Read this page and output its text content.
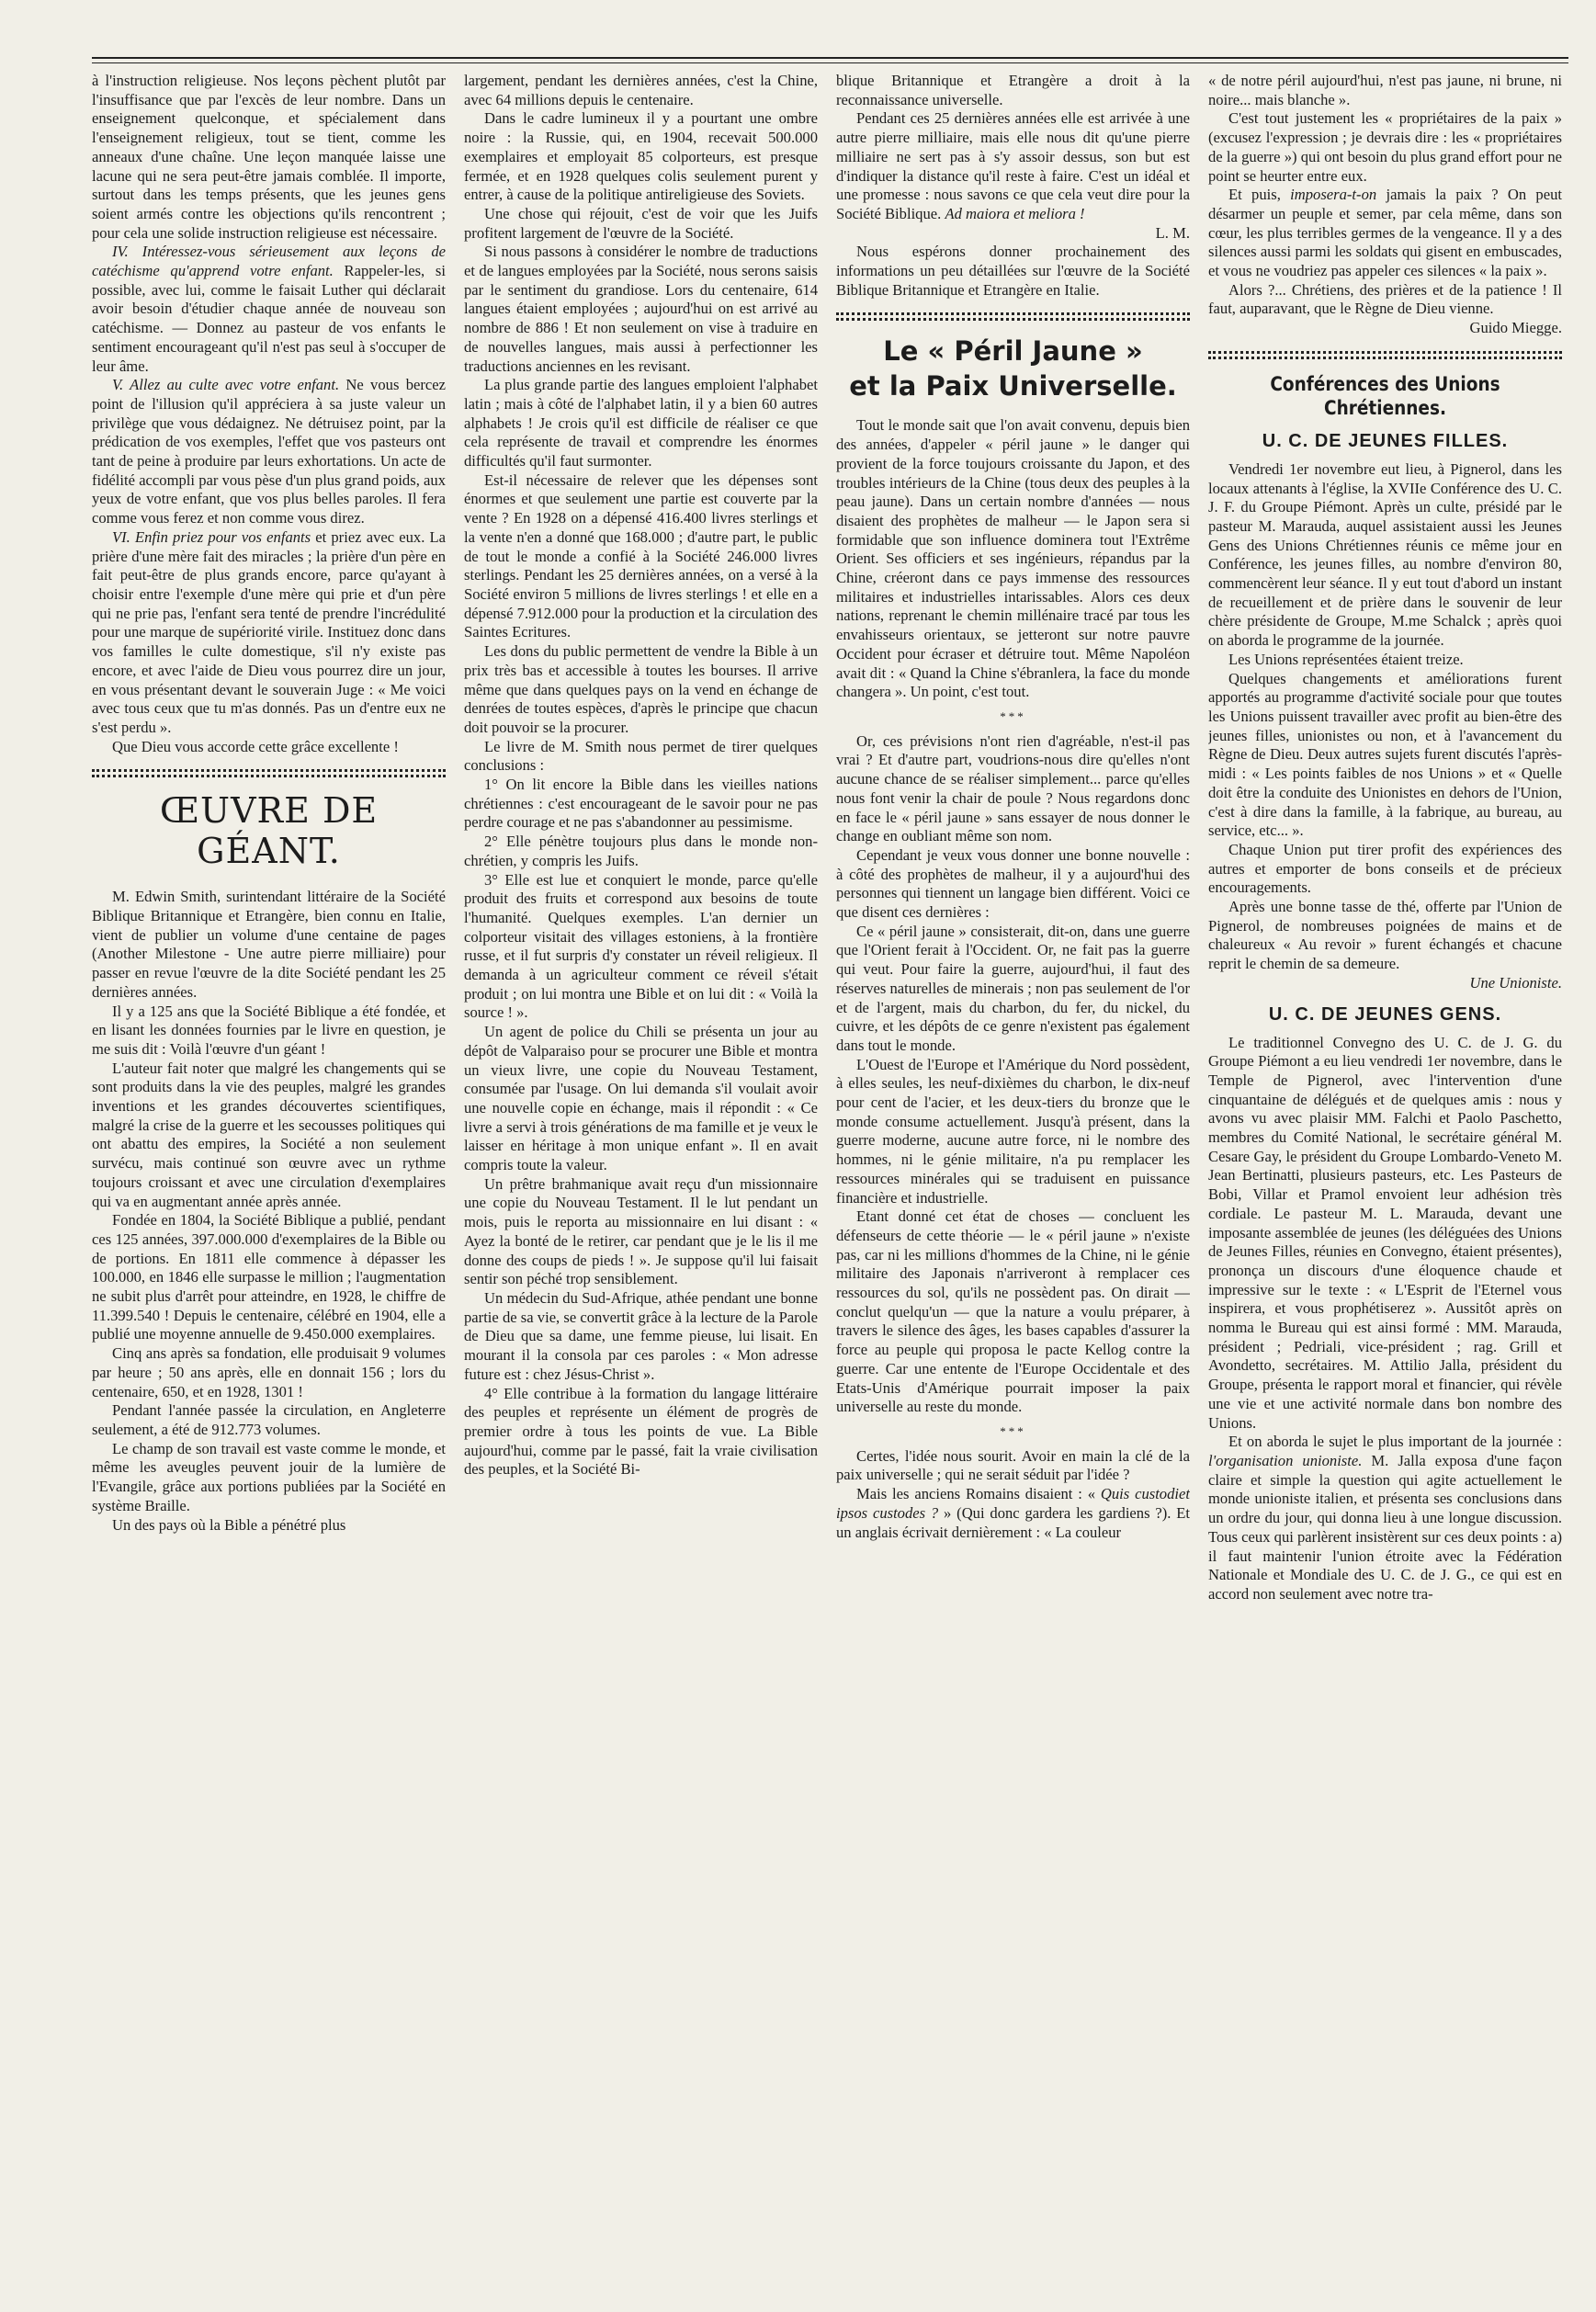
à l'instruction religieuse. Nos leçons pèchent plutôt par l'insuffisance que par l'excès de leur nombre. Dans un enseignement quelconque, et spécialement dans l'enseignement religieux, tout se tient, comme les anneaux d'une chaîne. Une leçon manquée laisse une lacune qui ne sera peut-être jamais comblée. Il importe, surtout dans les temps présents, que les jeunes gens soient armés contre les objections qu'ils rencontrent ; pour cela une solide instruction religieuse est nécessaire.

IV. Intéressez-vous sérieusement aux leçons de catéchisme qu'apprend votre enfant. Rappeler-les, si possible, avec lui, comme le faisait Luther qui déclarait avoir besoin d'étudier chaque année de nouveau son catéchisme. — Donnez au pasteur de vos enfants le sentiment encourageant qu'il n'est pas seul à s'occuper de leur âme.

V. Allez au culte avec votre enfant. Ne vous bercez point de l'illusion qu'il appréciera à sa juste valeur un privilège que vous dédaignez. Ne détruisez point, par la prédication de vos exemples, l'effet que vos pasteurs ont tant de peine à produire par leurs exhortations. Un acte de fidélité accompli par vous pèse d'un plus grand poids, aux yeux de votre enfant, que vos plus belles paroles. Il fera comme vous ferez et non comme vous direz.

VI. Enfin priez pour vos enfants et priez avec eux. La prière d'une mère fait des miracles ; la prière d'un père en fait peut-être de plus grands encore, parce qu'ayant à choisir entre l'exemple d'une mère qui prie et d'un père qui ne prie pas, l'enfant sera tenté de prendre l'incrédulité pour une marque de supériorité virile. Instituez donc dans vos familles le culte domestique, s'il n'y existe pas encore, et avec l'aide de Dieu vous pourrez dire un jour, en vous présentant devant le souverain Juge : « Me voici avec tous ceux que tu m'as donnés. Pas un d'entre eux ne s'est perdu ».

Que Dieu vous accorde cette grâce excellente !

ŒUVRE DE GÉANT.

M. Edwin Smith, surintendant littéraire de la Société Biblique Britannique et Etrangère, bien connu en Italie, vient de publier un volume d'une centaine de pages (Another Milestone - Une autre pierre milliaire) pour passer en revue l'œuvre de la dite Société pendant les 25 dernières années.

Il y a 125 ans que la Société Biblique a été fondée, et en lisant les données fournies par le livre en question, je me suis dit : Voilà l'œuvre d'un géant !

L'auteur fait noter que malgré les changements qui se sont produits dans la vie des peuples, malgré les grandes inventions et les grandes découvertes scientifiques, malgré la crise de la guerre et les secousses politiques qui ont abattu des empires, la Société a non seulement survécu, mais continué son œuvre avec un rythme toujours croissant et avec une circulation d'exemplaires qui va en augmentant année après année.

Fondée en 1804, la Société Biblique a publié, pendant ces 125 années, 397.000.000 d'exemplaires de la Bible ou de portions. En 1811 elle commence à dépasser les 100.000, en 1846 elle surpasse le million ; l'augmentation ne subit plus d'arrêt pour atteindre, en 1928, le chiffre de 11.399.540 ! Depuis le centenaire, célébré en 1904, elle a publié une moyenne annuelle de 9.450.000 exemplaires.

Cinq ans après sa fondation, elle produisait 9 volumes par heure ; 50 ans après, elle en donnait 156 ; lors du centenaire, 650, et en 1928, 1301 !

Pendant l'année passée la circulation, en Angleterre seulement, a été de 912.773 volumes.

Le champ de son travail est vaste comme le monde, et même les aveugles peuvent jouir de la lumière de l'Evangile, grâce aux portions publiées par la Société en système Braille.

Un des pays où la Bible a pénétré plus

largement, pendant les dernières années, c'est la Chine, avec 64 millions depuis le centenaire.

Dans le cadre lumineux il y a pourtant une ombre noire : la Russie, qui, en 1904, recevait 500.000 exemplaires et employait 85 colporteurs, est presque fermée, et en 1928 quelques colis seulement purent y entrer, à cause de la politique antireligieuse des Soviets.

Une chose qui réjouit, c'est de voir que les Juifs profitent largement de l'œuvre de la Société.

Si nous passons à considérer le nombre de traductions et de langues employées par la Société, nous serons saisis par le sentiment du grandiose. Lors du centenaire, 614 langues étaient employées ; aujourd'hui on est arrivé au nombre de 886 ! Et non seulement on vise à traduire en de nouvelles langues, mais aussi à perfectionner les traductions anciennes en les revisant.

La plus grande partie des langues emploient l'alphabet latin ; mais à côté de l'alphabet latin, il y a bien 60 autres alphabets ! Je crois qu'il est difficile de réaliser ce que cela représente de travail et comprendre les énormes difficultés qu'il faut surmonter.

Est-il nécessaire de relever que les dépenses sont énormes et que seulement une partie est couverte par la vente ? En 1928 on a dépensé 416.400 livres sterlings et la vente n'en a donné que 168.000 ; d'autre part, le public de tout le monde a confié à la Société 246.000 livres sterlings. Pendant les 25 dernières années, on a versé à la Société environ 5 millions de livres sterlings ! et elle en a dépensé 7.912.000 pour la production et la circulation des Saintes Ecritures.

Les dons du public permettent de vendre la Bible à un prix très bas et accessible à toutes les bourses. Il arrive même que dans quelques pays on la vend en échange de denrées de toutes espèces, d'après le principe que chacun doit pouvoir se la procurer.

Le livre de M. Smith nous permet de tirer quelques conclusions :

1° On lit encore la Bible dans les vieilles nations chrétiennes : c'est encourageant de le savoir pour ne pas perdre courage et ne pas s'abandonner au pessimisme.

2° Elle pénètre toujours plus dans le monde non-chrétien, y compris les Juifs.

3° Elle est lue et conquiert le monde, parce qu'elle produit des fruits et correspond aux besoins de toute l'humanité. Quelques exemples. L'an dernier un colporteur visitait des villages estoniens, à la frontière russe, et il fut surpris d'y constater un réveil religieux. Il demanda à un agriculteur comment ce réveil s'était produit ; on lui montra une Bible et on lui dit : « Voilà la source ! ».

Un agent de police du Chili se présenta un jour au dépôt de Valparaiso pour se procurer une Bible et montra un vieux livre, une copie du Nouveau Testament, consumée par l'usage. On lui demanda s'il voulait avoir une nouvelle copie en échange, mais il répondit : « Ce livre a servi à trois générations de ma famille et je veux le laisser en héritage à mon unique enfant ». Il en avait compris toute la valeur.

Un prêtre brahmanique avait reçu d'un missionnaire une copie du Nouveau Testament. Il le lut pendant un mois, puis le reporta au missionnaire en lui disant : « Ayez la bonté de le retirer, car pendant que je le lis il me donne des coups de pieds ! ». Je suppose qu'il lui faisait sentir son péché trop sensiblement.

Un médecin du Sud-Afrique, athée pendant une bonne partie de sa vie, se convertit grâce à la lecture de la Parole de Dieu que sa dame, une femme pieuse, lui lisait. En mourant il la consola par ces paroles : « Mon adresse future est : chez Jésus-Christ ».

4° Elle contribue à la formation du langage littéraire des peuples et représente un élément de progrès de premier ordre à tous les points de vue. La Bible aujourd'hui, comme par le passé, fait la vraie civilisation des peuples, et la Société Bi-

blique Britannique et Etrangère a droit à la reconnaissance universelle.

Pendant ces 25 dernières années elle est arrivée à une autre pierre milliaire, mais elle nous dit qu'une pierre milliaire ne sert pas à s'y assoir dessus, son but est d'indiquer la distance qu'il reste à faire. C'est un idéal et une promesse : nous savons ce que cela veut dire pour la Société Biblique. Ad maiora et meliora !

L. M.

Nous espérons donner prochainement des informations un peu détaillées sur l'œuvre de la Société Biblique Britannique et Etrangère en Italie.

Le « Péril Jaune »
et la Paix Universelle.

Tout le monde sait que l'on avait convenu, depuis bien des années, d'appeler « péril jaune » le danger qui provient de la force toujours croissante du Japon, et des troubles intérieurs de la Chine (tous deux des peuples à la peau jaune). Dans un certain nombre d'années — nous disaient des prophètes de malheur — le Japon sera si formidable que son influence dominera tout l'Extrême Orient. Ses officiers et ses ingénieurs, répandus par la Chine, créeront dans ce pays immense des ressources militaires et industrielles intarissables. Alors ces deux nations, reprenant le chemin millénaire tracé par tous les envahisseurs orientaux, se jetteront sur notre pauvre Occident pour écraser et détruire tout. Même Napoléon avait dit : « Quand la Chine s'ébranlera, la face du monde changera ». Un point, c'est tout.

***

Or, ces prévisions n'ont rien d'agréable, n'est-il pas vrai ? Et d'autre part, voudrions-nous dire qu'elles n'ont aucune chance de se réaliser simplement... parce qu'elles nous font venir la chair de poule ? Nous regardons donc en face le « péril jaune » sans essayer de nous donner le change en oubliant même son nom.

Cependant je veux vous donner une bonne nouvelle : à côté des prophètes de malheur, il y a aujourd'hui des personnes qui tiennent un langage bien différent. Voici ce que disent ces dernières :

Ce « péril jaune » consisterait, dit-on, dans une guerre que l'Orient ferait à l'Occident. Or, ne fait pas la guerre qui veut. Pour faire la guerre, aujourd'hui, il faut des réserves naturelles de minerais ; non pas seulement de l'or et de l'argent, mais du charbon, du fer, du nickel, du cuivre, et les dépôts de ce genre n'existent pas également dans tout le monde.

L'Ouest de l'Europe et l'Amérique du Nord possèdent, à elles seules, les neuf-dixièmes du charbon, le dix-neuf pour cent de l'acier, et les deux-tiers du bronze que le monde consume actuellement. Jusqu'à présent, dans la guerre moderne, aucune autre force, ni le nombre des hommes, ni le génie militaire, n'a pu remplacer les ressources minérales qui se traduisent en puissance financière et industrielle.

Etant donné cet état de choses — concluent les défenseurs de cette théorie — le « péril jaune » n'existe pas, car ni les millions d'hommes de la Chine, ni le génie militaire des Japonais n'arriveront à remplacer ces ressources du sol, qu'ils ne possèdent pas. On dirait — conclut quelqu'un — que la nature a voulu préparer, à travers le silence des âges, les bases capables d'assurer la force au peuple qui proposa le pacte Kellog contre la guerre. Car une entente de l'Europe Occidentale et des Etats-Unis d'Amérique pourrait imposer la paix universelle au reste du monde.

***

Certes, l'idée nous sourit. Avoir en main la clé de la paix universelle ; qui ne serait séduit par l'idée ?

Mais les anciens Romains disaient : « Quis custodiet ipsos custodes ? » (Qui donc gardera les gardiens ?). Et un anglais écrivait dernièrement : « La couleur

« de notre péril aujourd'hui, n'est pas jaune, ni brune, ni noire... mais blanche ».

C'est tout justement les « propriétaires de la paix » (excusez l'expression ; je devrais dire : les « propriétaires de la guerre ») qui ont besoin du plus grand effort pour ne point se heurter entre eux.

Et puis, imposera-t-on jamais la paix ? On peut désarmer un peuple et semer, par cela même, dans son cœur, les plus terribles germes de la vengeance. Il y a des silences aussi parmi les soldats qui gisent en embuscades, et vous ne voudriez pas appeler ces silences « la paix ».

Alors ?... Chrétiens, des prières et de la patience ! Il faut, auparavant, que le Règne de Dieu vienne.

Guido Miegge.

Conférences des Unions Chrétiennes.
U. C. DE JEUNES FILLES.

Vendredi 1er novembre eut lieu, à Pignerol, dans les locaux attenants à l'église, la XVIIe Conférence des U. C. J. F. du Groupe Piémont. Après un culte, présidé par le pasteur M. Marauda, auquel assistaient aussi les Jeunes Gens des Unions Chrétiennes réunis ce même jour en Conférence, les jeunes filles, au nombre d'environ 80, commencèrent leur séance. Il y eut tout d'abord un instant de recueillement et de prière dans le souvenir de leur chère présidente de Groupe, M.me Schalck ; après quoi on aborda le programme de la journée.

Les Unions représentées étaient treize.

Quelques changements et améliorations furent apportés au programme d'activité sociale pour que toutes les Unions puissent travailler avec profit au bien-être des jeunes filles, unionistes ou non, et à l'avancement du Règne de Dieu. Deux autres sujets furent discutés l'après-midi : « Les points faibles de nos Unions » et « Quelle doit être la conduite des Unionistes en dehors de l'Union, c'est à dire dans la famille, à la fabrique, au bureau, au service, etc... ».

Chaque Union put tirer profit des expériences des autres et emporter de bons conseils et de précieux encouragements.

Après une bonne tasse de thé, offerte par l'Union de Pignerol, de nombreuses poignées de mains et de chaleureux « Au revoir » furent échangés et chacune reprit le chemin de sa demeure.

Une Unioniste.

U. C. DE JEUNES GENS.

Le traditionnel Convegno des U. C. de J. G. du Groupe Piémont a eu lieu vendredi 1er novembre, dans le Temple de Pignerol, avec l'intervention d'une cinquantaine de délégués et de quelques amis : nous y avons vu avec plaisir MM. Falchi et Paolo Paschetto, membres du Comité National, le secrétaire général M. Cesare Gay, le président du Groupe Lombardo-Veneto M. Jean Bertinatti, plusieurs pasteurs, etc. Les Pasteurs de Bobi, Villar et Pramol envoient leur adhésion très cordiale. Le pasteur M. L. Marauda, devant une imposante assemblée de jeunes (les déléguées des Unions de Jeunes Filles, réunies en Convegno, étaient présentes), prononça un discours d'une éloquence chaude et impressive sur le texte : « L'Esprit de l'Eternel vous inspirera, et vous prophétiserez ». Aussitôt après on nomma le Bureau qui est ainsi formé : MM. Marauda, président ; Pedriali, vice-président ; rag. Grill et Avondetto, secrétaires. M. Attilio Jalla, président du Groupe, présenta le rapport moral et financier, qui révèle une vie et une activité normale dans bon nombre des Unions.

Et on aborda le sujet le plus important de la journée : l'organisation unioniste. M. Jalla exposa d'une façon claire et simple la question qui agite actuellement le monde unioniste italien, et présenta ses conclusions dans un ordre du jour, qui donna lieu à une longue discussion. Tous ceux qui parlèrent insistèrent sur ces deux points : a) il faut maintenir l'union étroite avec la Fédération Nationale et Mondiale des U. C. de J. G., ce qui est en accord non seulement avec notre tra-
